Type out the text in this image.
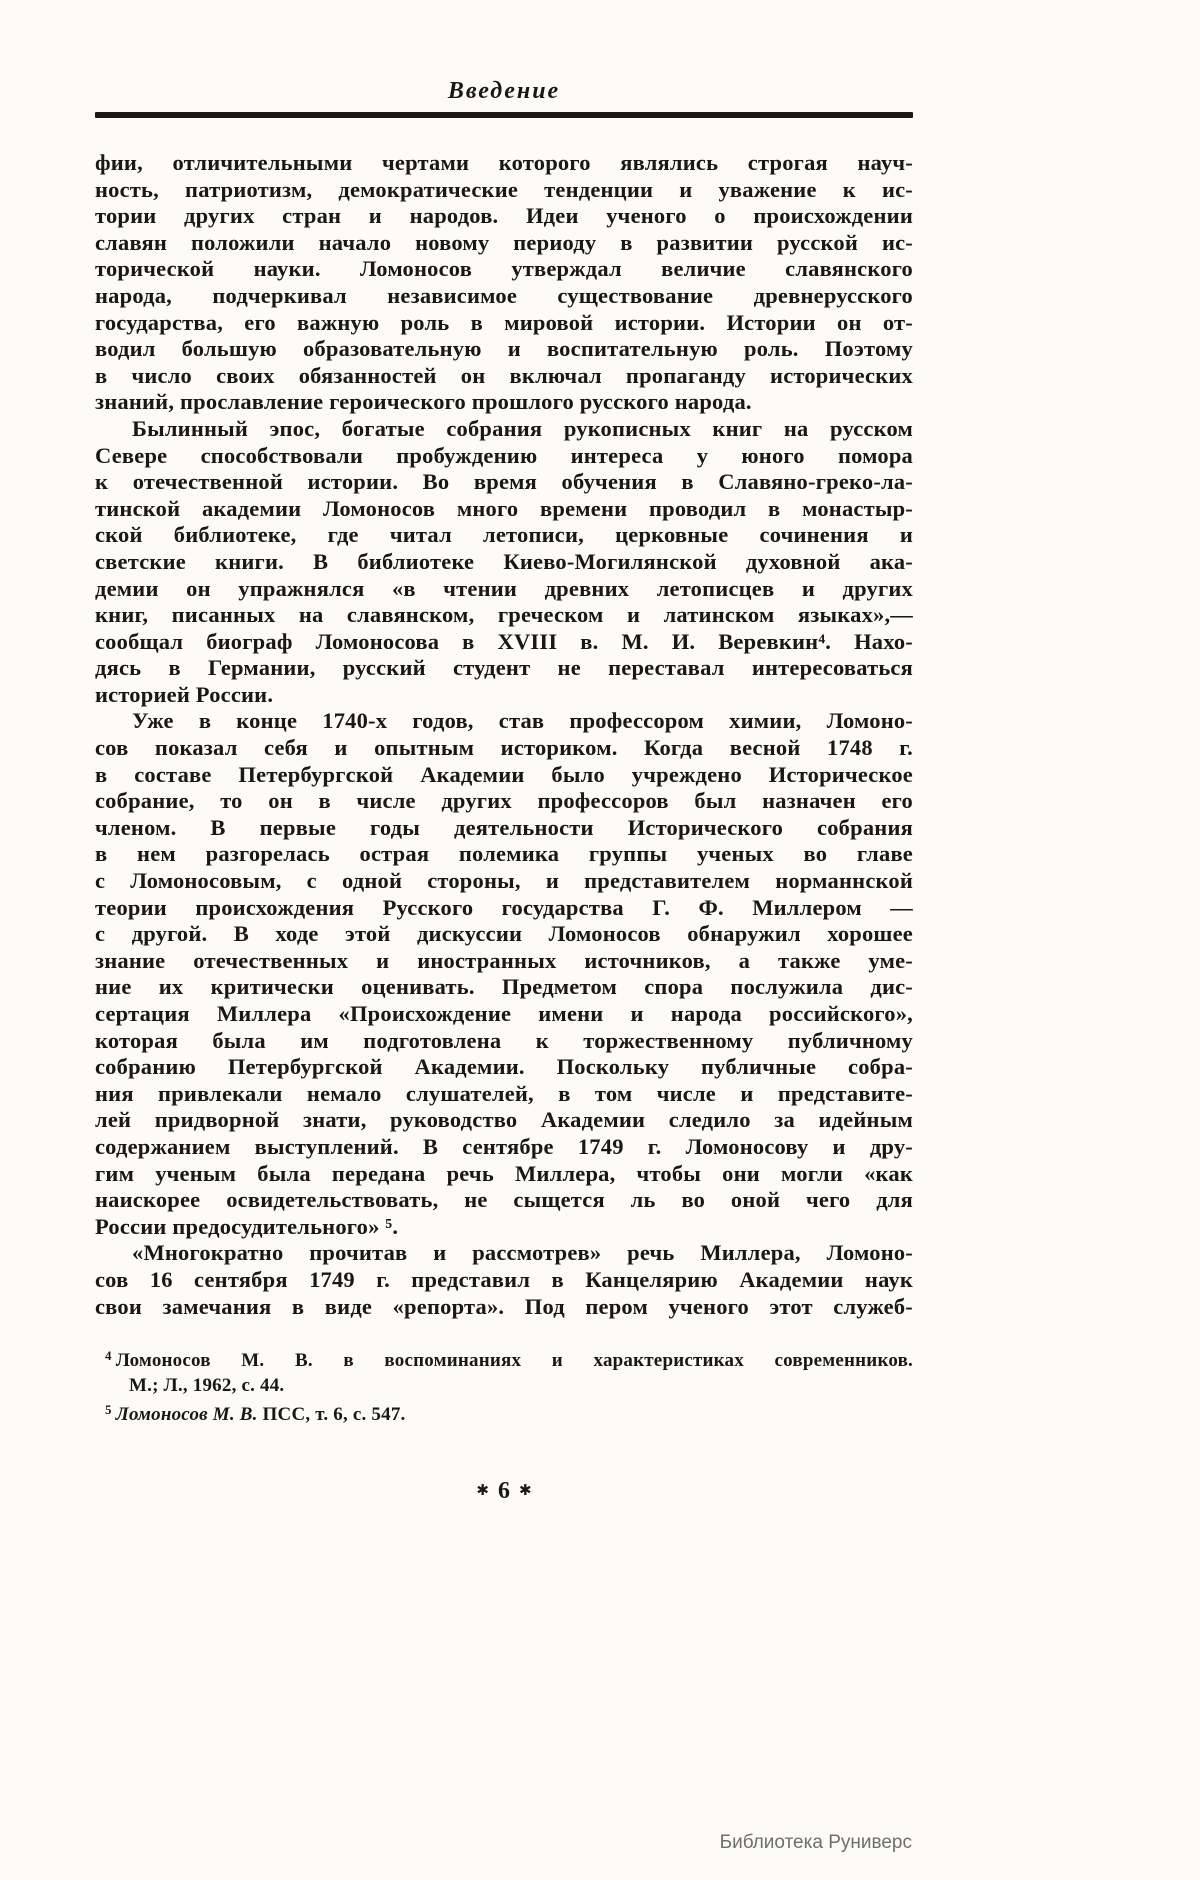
Введение
фии, отличительными чертами которого являлись строгая науч-
ность, патриотизм, демократические тенденции и уважение к ис-
тории других стран и народов. Идеи ученого о происхождении
славян положили начало новому периоду в развитии русской ис-
торической науки. Ломоносов утверждал величие славянского
народа, подчеркивал независимое существование древнерусского
государства, его важную роль в мировой истории. Истории он от-
водил большую образовательную и воспитательную роль. Поэтому
в число своих обязанностей он включал пропаганду исторических
знаний, прославление героического прошлого русского народа.
Былинный эпос, богатые собрания рукописных книг на русском
Севере способствовали пробуждению интереса у юного помора
к отечественной истории. Во время обучения в Славяно-греко-ла-
тинской академии Ломоносов много времени проводил в монастыр-
ской библиотеке, где читал летописи, церковные сочинения и
светские книги. В библиотеке Киево-Могилянской духовной ака-
демии он упражнялся «в чтении древних летописцев и других
книг, писанных на славянском, греческом и латинском языках»,—
сообщал биограф Ломоносова в XVIII в. М. И. Веревкин⁴. Нахо-
дясь в Германии, русский студент не переставал интересоваться
историей России.
Уже в конце 1740-х годов, став профессором химии, Ломоно-
сов показал себя и опытным историком. Когда весной 1748 г.
в составе Петербургской Академии было учреждено Историческое
собрание, то он в числе других профессоров был назначен его
членом. В первые годы деятельности Исторического собрания
в нем разгорелась острая полемика группы ученых во главе
с Ломоносовым, с одной стороны, и представителем норманнской
теории происхождения Русского государства Г. Ф. Миллером —
с другой. В ходе этой дискуссии Ломоносов обнаружил хорошее
знание отечественных и иностранных источников, а также уме-
ние их критически оценивать. Предметом спора послужила дис-
сертация Миллера «Происхождение имени и народа российского»,
которая была им подготовлена к торжественному публичному
собранию Петербургской Академии. Поскольку публичные собра-
ния привлекали немало слушателей, в том числе и представите-
лей придворной знати, руководство Академии следило за идейным
содержанием выступлений. В сентябре 1749 г. Ломоносову и дру-
гим ученым была передана речь Миллера, чтобы они могли «как
наискорее освидетельствовать, не сыщется ль во оной чего для
России предосудительного» ⁵.
«Многократно прочитав и рассмотрев» речь Миллера, Ломоно-
сов 16 сентября 1749 г. представил в Канцелярию Академии наук
свои замечания в виде «репорта». Под пером ученого этот служеб-
$^4$ Ломоносов М. В. в воспоминаниях и характеристиках современников.
М.; Л., 1962, с. 44.
$^5$ Ломоносов М. В. ПСС, т. 6, с. 547.
✱ 6 ✱
Библиотека Руниверс
